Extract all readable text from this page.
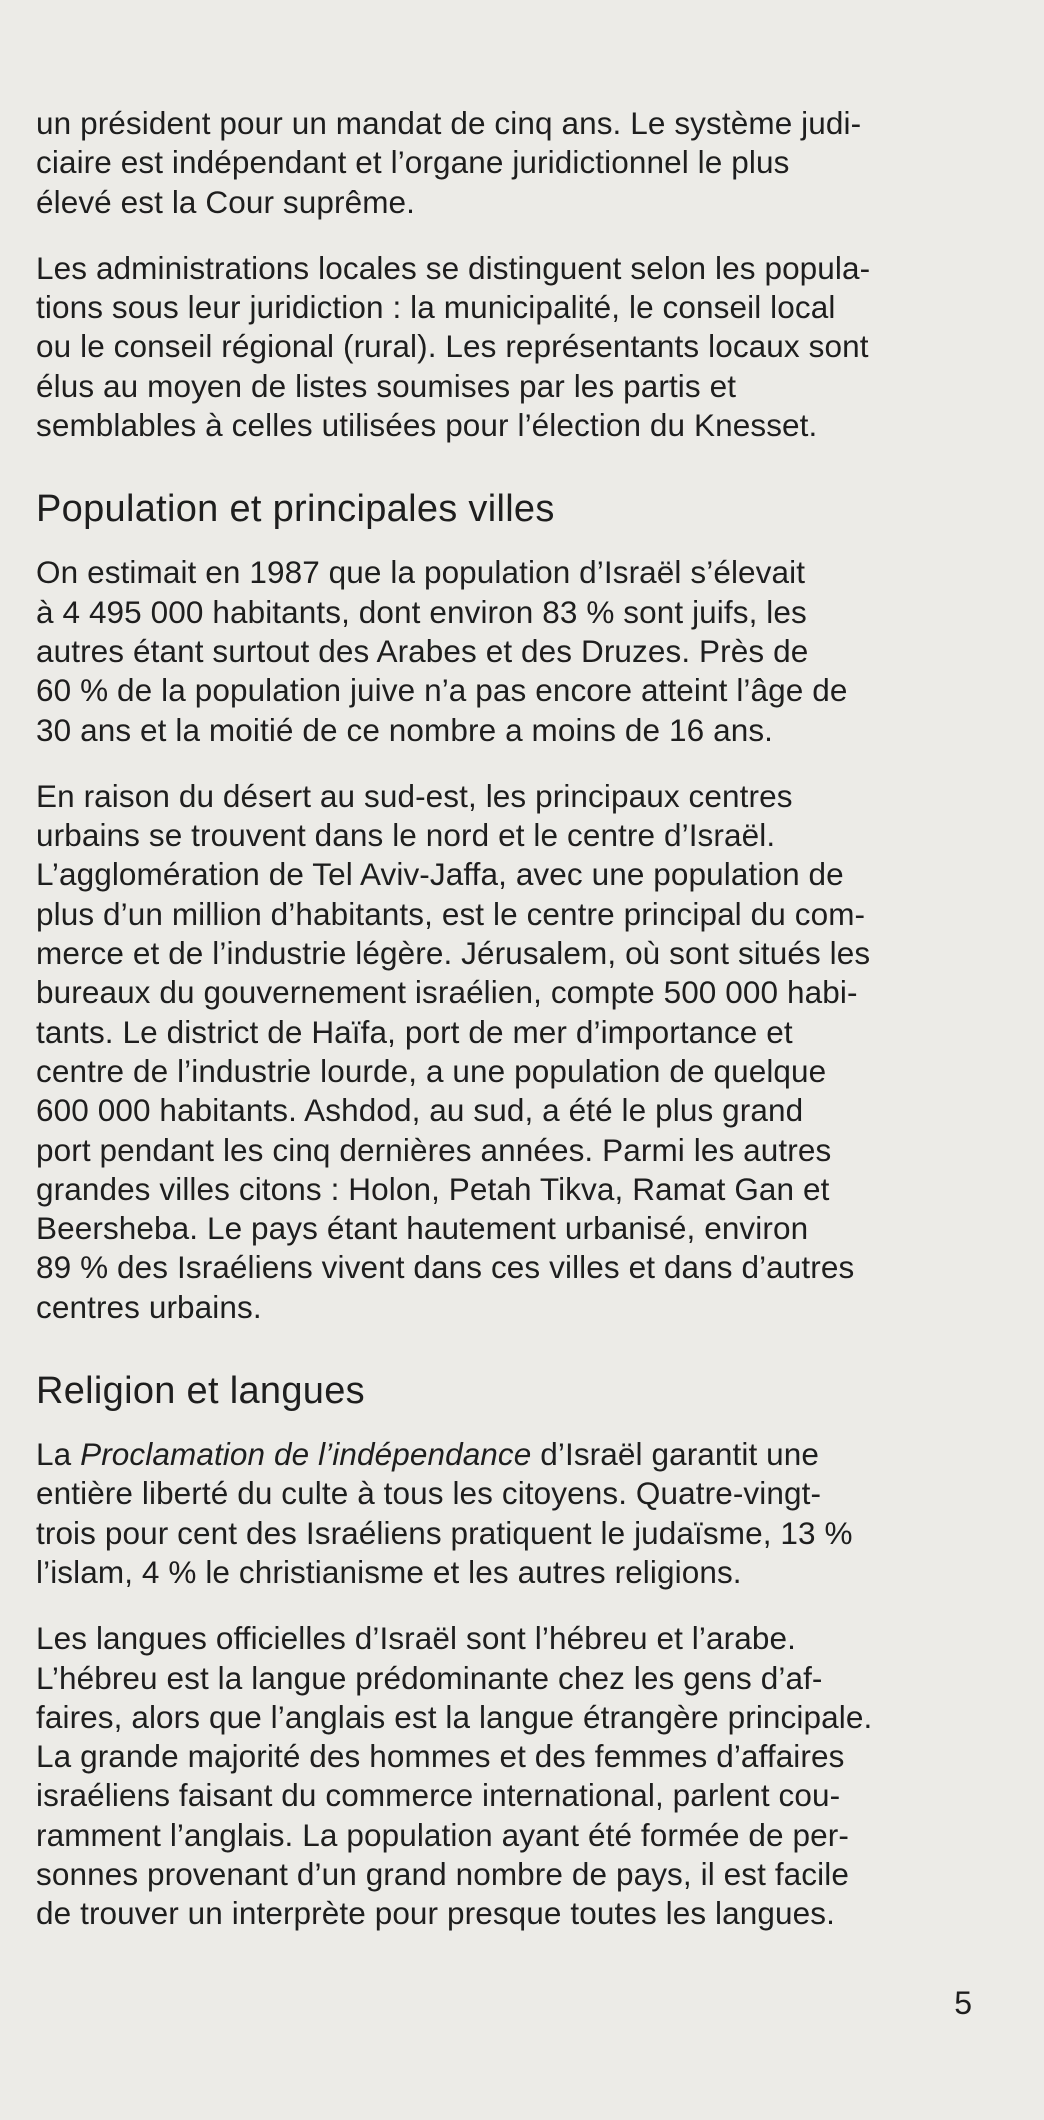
un président pour un mandat de cinq ans. Le système judi-
ciaire est indépendant et l’organe juridictionnel le plus
élevé est la Cour suprême.

Les administrations locales se distinguent selon les popula-
tions sous leur juridiction : la municipalité, le conseil local
ou le conseil régional (rural). Les représentants locaux sont
élus au moyen de listes soumises par les partis et
semblables à celles utilisées pour l’élection du Knesset.

Population et principales villes

On estimait en 1987 que la population d’Israël s’élevait
à 4 495 000 habitants, dont environ 83 % sont juifs, les
autres étant surtout des Arabes et des Druzes. Près de
60 % de la population juive n’a pas encore atteint l’âge de
30 ans et la moitié de ce nombre a moins de 16 ans.

En raison du désert au sud-est, les principaux centres
urbains se trouvent dans le nord et le centre d’Israël.
L’agglomération de Tel Aviv-Jaffa, avec une population de
plus d’un million d’habitants, est le centre principal du com-
merce et de l’industrie légère. Jérusalem, où sont situés les
bureaux du gouvernement israélien, compte 500 000 habi-
tants. Le district de Haïfa, port de mer d’importance et
centre de l’industrie lourde, a une population de quelque
600 000 habitants. Ashdod, au sud, a été le plus grand
port pendant les cinq dernières années. Parmi les autres
grandes villes citons : Holon, Petah Tikva, Ramat Gan et
Beersheba. Le pays étant hautement urbanisé, environ
89 % des Israéliens vivent dans ces villes et dans d’autres
centres urbains.

Religion et langues

La Proclamation de l’indépendance d’Israël garantit une
entière liberté du culte à tous les citoyens. Quatre-vingt-
trois pour cent des Israéliens pratiquent le judaïsme, 13 %
l’islam, 4 % le christianisme et les autres religions.

Les langues officielles d’Israël sont l’hébreu et l’arabe.
L’hébreu est la langue prédominante chez les gens d’af-
faires, alors que l’anglais est la langue étrangère principale.
La grande majorité des hommes et des femmes d’affaires
israéliens faisant du commerce international, parlent cou-
ramment l’anglais. La population ayant été formée de per-
sonnes provenant d’un grand nombre de pays, il est facile
de trouver un interprète pour presque toutes les langues.

5
